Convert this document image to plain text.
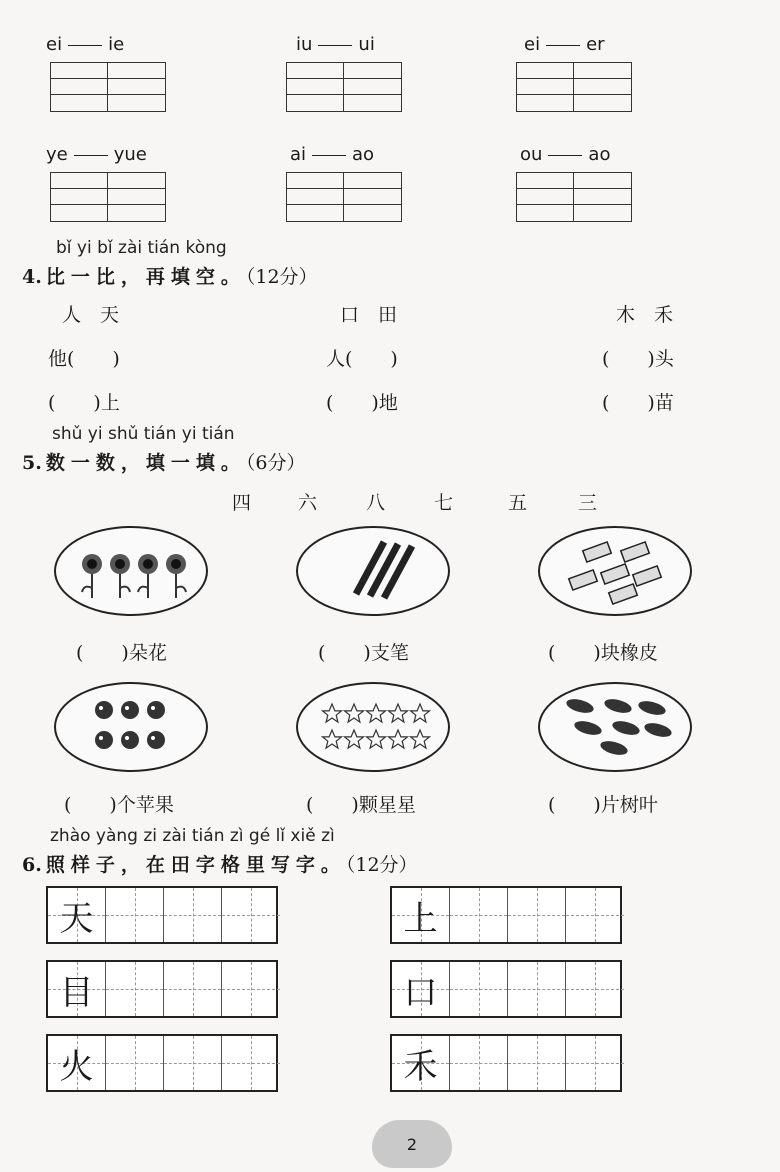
ei	ie	iu	ui	ei	er
ye	yue	ai	ao	ou	ao
bǐ yi bǐ zài tián kòng
4. 比一比，再填空。（12分）
人　天	口　田	木　禾
他(　　)	人(　　)	(　　)头
(　　)上	(　　)地	(　　)苗
shǔ yi shǔ tián yi tián
5. 数一数，填一填。（6分）
四 六	八	七	五	三
(　　)朵花	(　　)支笔	(　　)块橡皮
(　　)个苹果	(　　)颗星星	(　　)片树叶
zhào yàng zi zài tián zì gé lǐ xiě zì
6. 照样子，在田字格里写字。（12分）
天	上
目	口
火	禾
2
